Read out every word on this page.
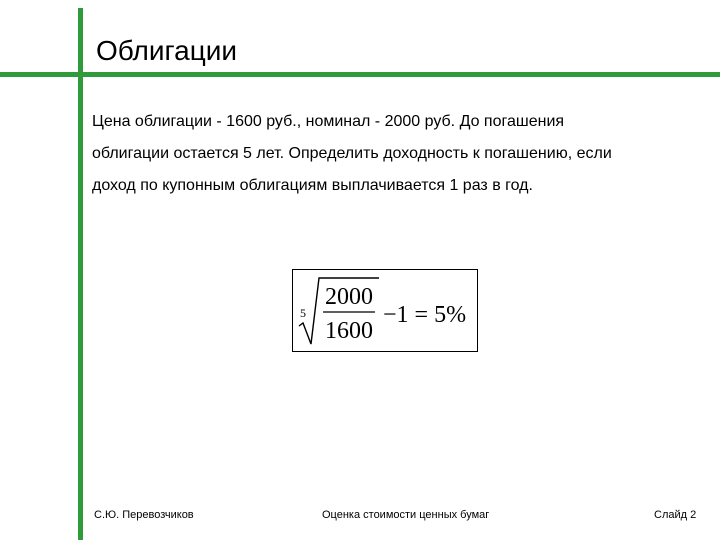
Облигации
Цена облигации - 1600 руб., номинал - 2000 руб. До погашения
облигации остается 5 лет. Определить доходность к погашению, если
доход по купонным облигациям выплачивается 1 раз в год.
5
2000
1600
−1 = 5%
С.Ю. Перевозчиков	Оценка стоимости ценных бумаг	Слайд 2
